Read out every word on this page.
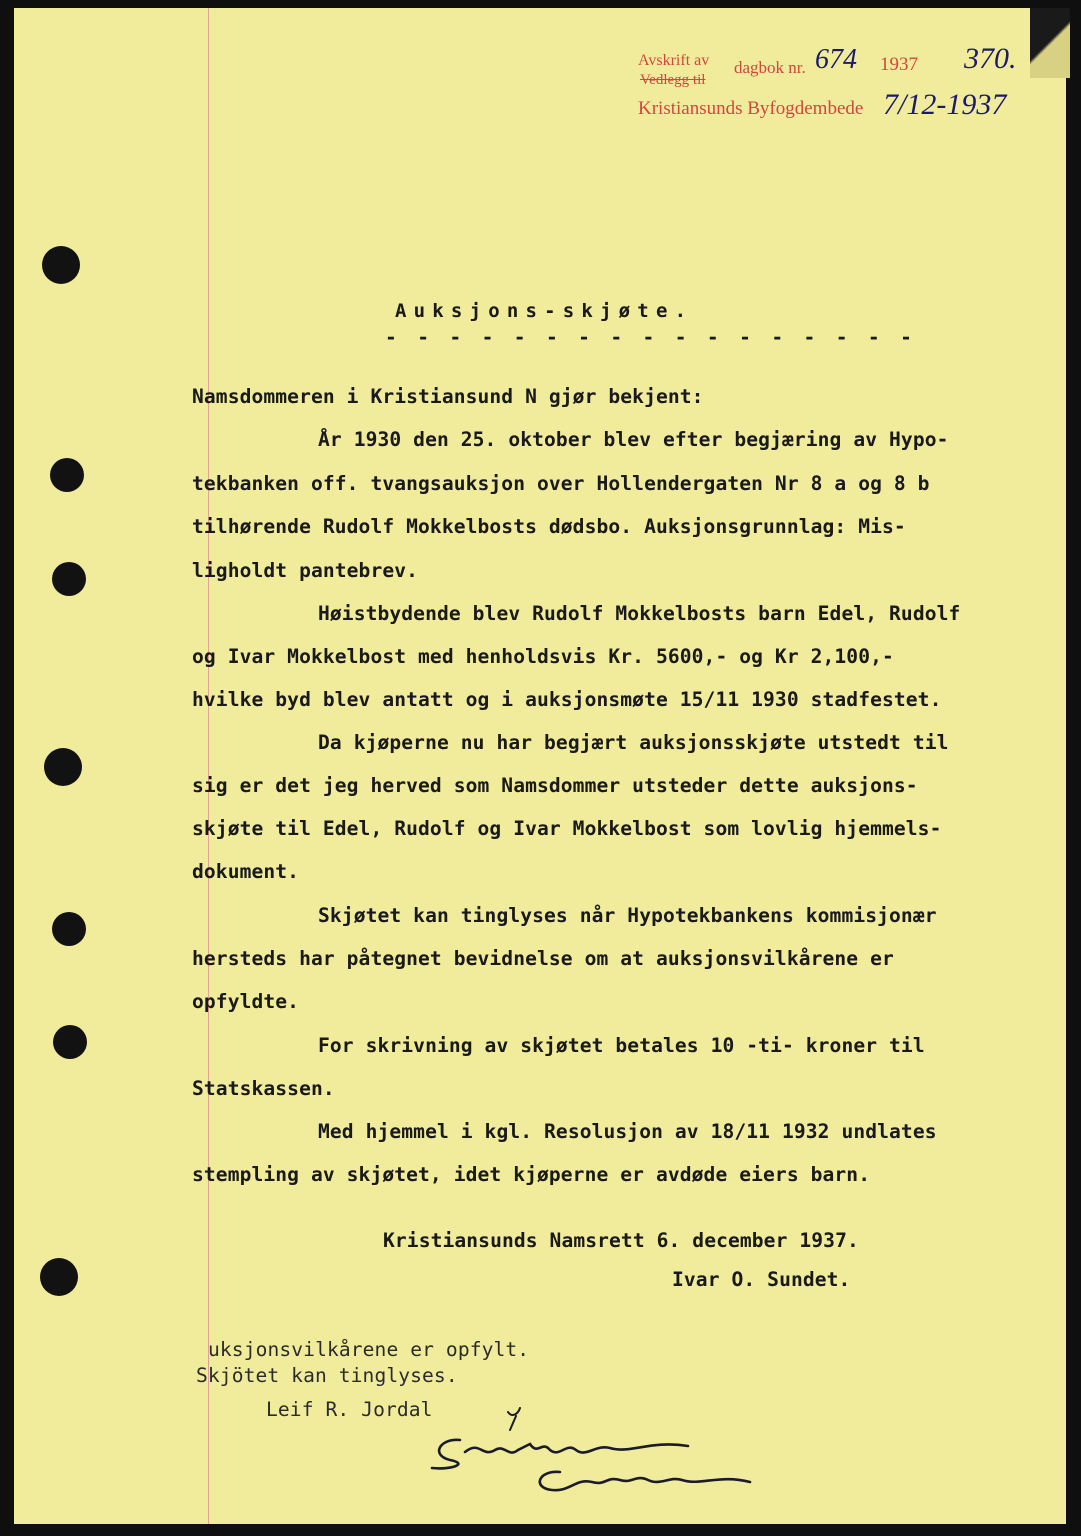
Avskrift av
Vedlegg til
dagbok nr. 674 1937 370.
Kristiansunds Byfogdembede 7/12-1937
Auksjons-skjøte.
- - - - - - - - - - - - - - - - -
Namsdommeren i Kristiansund N gjør bekjent:
År 1930 den 25. oktober blev efter begjæring av Hypo-
tekbanken off. tvangsauksjon over Hollendergaten Nr 8 a og 8 b
tilhørende Rudolf Mokkelbosts dødsbo. Auksjonsgrunnlag: Mis-
ligholdt pantebrev.
Høistbydende blev Rudolf Mokkelbosts barn Edel, Rudolf
og Ivar Mokkelbost med henholdsvis Kr. 5600,- og Kr 2,100,-
hvilke byd blev antatt og i auksjonsmøte 15/11 1930 stadfestet.
Da kjøperne nu har begjært auksjonsskjøte utstedt til
sig er det jeg herved som Namsdommer utsteder dette auksjons-
skjøte til Edel, Rudolf og Ivar Mokkelbost som lovlig hjemmels-
dokument.
Skjøtet kan tinglyses når Hypotekbankens kommisjonær
hersteds har påtegnet bevidnelse om at auksjonsvilkårene er
opfyldte.
For skrivning av skjøtet betales 10 -ti- kroner til
Statskassen.
Med hjemmel i kgl. Resolusjon av 18/11 1932 undlates
stempling av skjøtet, idet kjøperne er avdøde eiers barn.
Kristiansunds Namsrett 6. december 1937.
Ivar O. Sundet.
uksjonsvilkårene er opfylt.
Skjötet kan tinglyses.
Leif R. Jordal
